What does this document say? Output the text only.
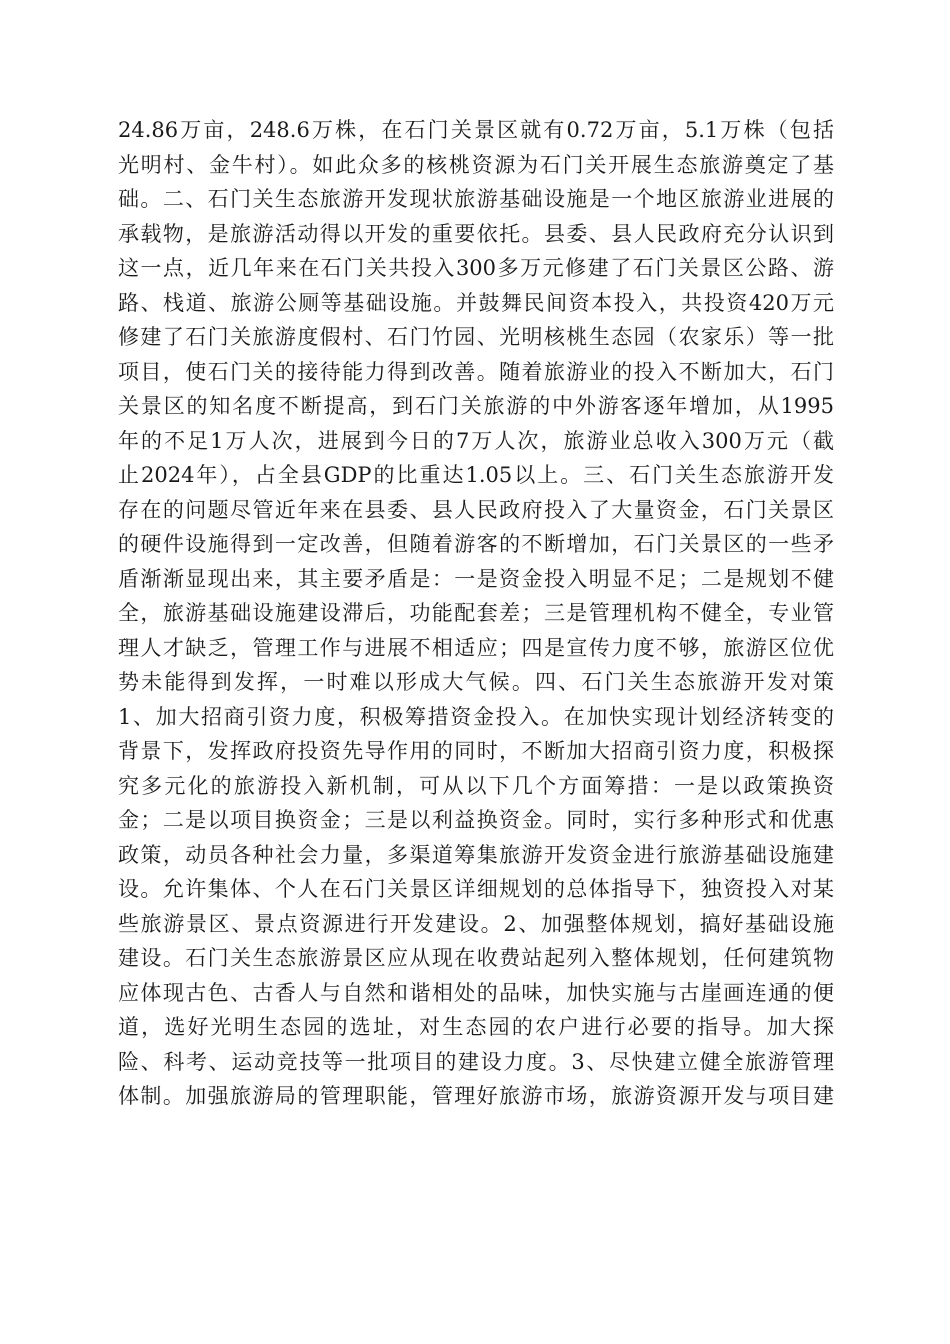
24.86万亩，248.6万株，在石门关景区就有0.72万亩，5.1万株（包括
光明村、金牛村）。如此众多的核桃资源为石门关开展生态旅游奠定了基
础。二、石门关生态旅游开发现状旅游基础设施是一个地区旅游业进展的
承载物，是旅游活动得以开发的重要依托。县委、县人民政府充分认识到
这一点，近几年来在石门关共投入300多万元修建了石门关景区公路、游
路、栈道、旅游公厕等基础设施。并鼓舞民间资本投入，共投资420万元
修建了石门关旅游度假村、石门竹园、光明核桃生态园（农家乐）等一批
项目，使石门关的接待能力得到改善。随着旅游业的投入不断加大，石门
关景区的知名度不断提高，到石门关旅游的中外游客逐年增加，从1995
年的不足1万人次，进展到今日的7万人次，旅游业总收入300万元（截
止2024年），占全县GDP的比重达1.05以上。三、石门关生态旅游开发
存在的问题尽管近年来在县委、县人民政府投入了大量资金，石门关景区
的硬件设施得到一定改善，但随着游客的不断增加，石门关景区的一些矛
盾渐渐显现出来，其主要矛盾是：一是资金投入明显不足；二是规划不健
全，旅游基础设施建设滞后，功能配套差；三是管理机构不健全，专业管
理人才缺乏，管理工作与进展不相适应；四是宣传力度不够，旅游区位优
势未能得到发挥，一时难以形成大气候。四、石门关生态旅游开发对策
1、加大招商引资力度，积极筹措资金投入。在加快实现计划经济转变的
背景下，发挥政府投资先导作用的同时，不断加大招商引资力度，积极探
究多元化的旅游投入新机制，可从以下几个方面筹措：一是以政策换资
金；二是以项目换资金；三是以利益换资金。同时，实行多种形式和优惠
政策，动员各种社会力量，多渠道筹集旅游开发资金进行旅游基础设施建
设。允许集体、个人在石门关景区详细规划的总体指导下，独资投入对某
些旅游景区、景点资源进行开发建设。2、加强整体规划，搞好基础设施
建设。石门关生态旅游景区应从现在收费站起列入整体规划，任何建筑物
应体现古色、古香人与自然和谐相处的品味，加快实施与古崖画连通的便
道，选好光明生态园的选址，对生态园的农户进行必要的指导。加大探
险、科考、运动竞技等一批项目的建设力度。3、尽快建立健全旅游管理
体制。加强旅游局的管理职能，管理好旅游市场，旅游资源开发与项目建
